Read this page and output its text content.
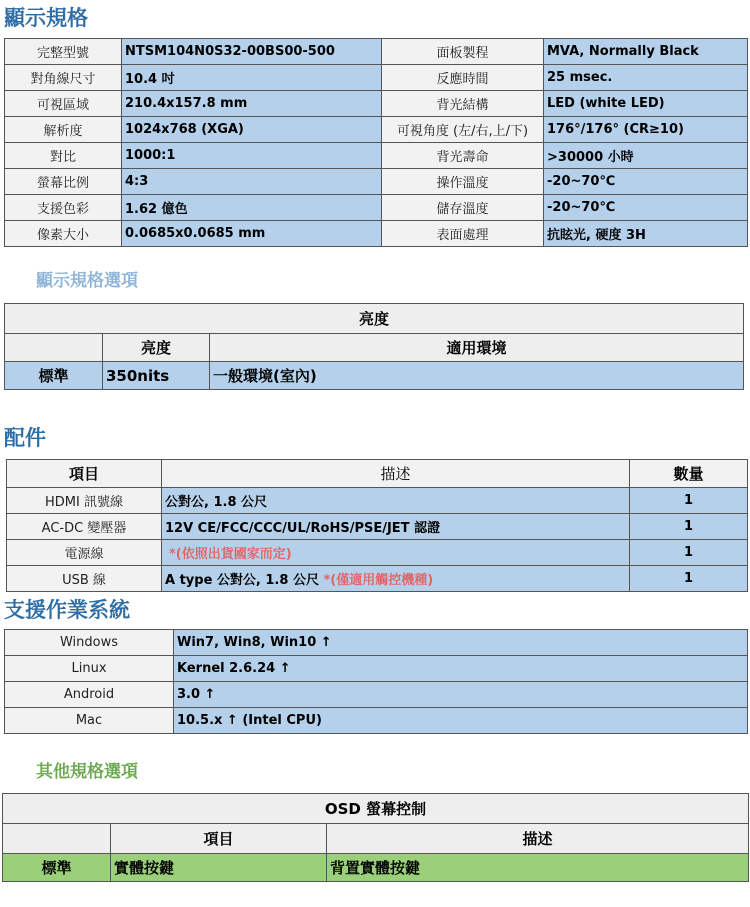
顯示規格
完整型號	NTSM104N0S32-00BS00-500	面板製程	MVA, Normally Black
對角線尺寸	10.4 吋	反應時間	25 msec.
可視區域	210.4x157.8 mm	背光結構	LED (white LED)
解析度	1024x768 (XGA)	可視角度 (左/右,上/下)	176°/176° (CR≥10)
對比	1000:1	背光壽命	>30000 小時
螢幕比例	4:3	操作溫度	-20~70℃
支援色彩	1.62 億色	儲存溫度	-20~70℃
像素大小	0.0685x0.0685 mm	表面處理	抗眩光, 硬度 3H
顯示規格選項
亮度		
	亮度	適用環境
標準	350nits	一般環境(室內)
配件
項目	描述	數量
HDMI 訊號線	公對公, 1.8 公尺	1
AC-DC 變壓器	12V CE/FCC/CCC/UL/RoHS/PSE/JET 認證	1
電源線	*(依照出貨國家而定)	1
USB 線	A type 公對公, 1.8 公尺 *(僅適用觸控機種)	1
支援作業系統
Windows	Win7, Win8, Win10 ↑
Linux	Kernel 2.6.24 ↑
Android	3.0 ↑
Mac	10.5.x ↑ (Intel CPU)
其他規格選項
OSD 螢幕控制		
	項目	描述
標準	實體按鍵	背置實體按鍵
